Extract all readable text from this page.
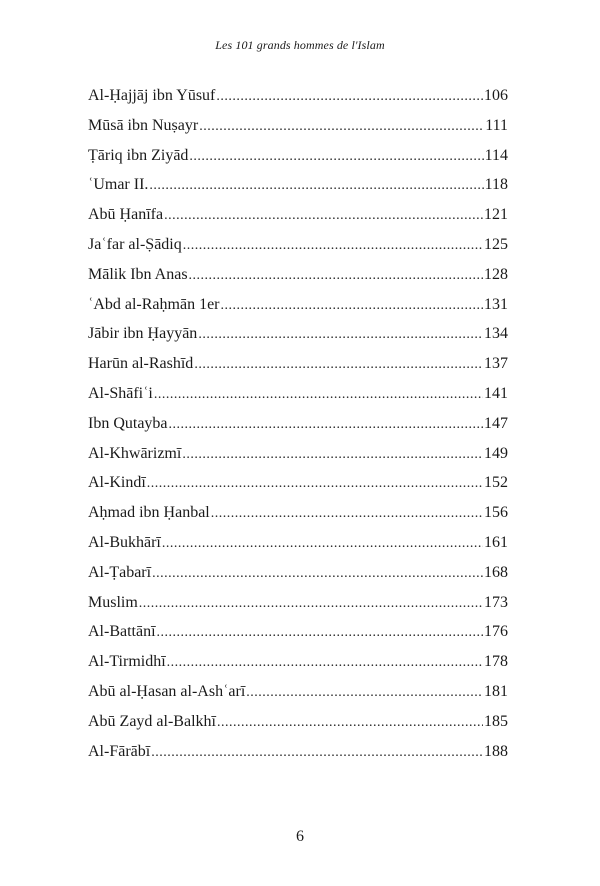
Les 101 grands hommes de l'Islam
Al-Ḥajjāj ibn Yūsuf .....	106
Mūsā ibn Nuṣayr .....	111
Ṭāriq ibn Ziyād .....	114
ʿUmar II. .....	118
Abū Ḥanīfa .....	121
Jaʿfar al-Ṣādiq .....	125
Mālik Ibn Anas .....	128
ʿAbd al-Raḥmān 1er .....	131
Jābir ibn Ḥayyān .....	134
Harūn al-Rashīd .....	137
Al-Shāfiʿi .....	141
Ibn Qutayba .....	147
Al-Khwārizmī .....	149
Al-Kindī .....	152
Aḥmad ibn Ḥanbal .....	156
Al-Bukhārī .....	161
Al-Ṭabarī .....	168
Muslim .....	173
Al-Battānī .....	176
Al-Tirmidhī .....	178
Abū al-Ḥasan al-Ashʿarī .....	181
Abū Zayd al-Balkhī .....	185
Al-Fārābī .....	188
6
